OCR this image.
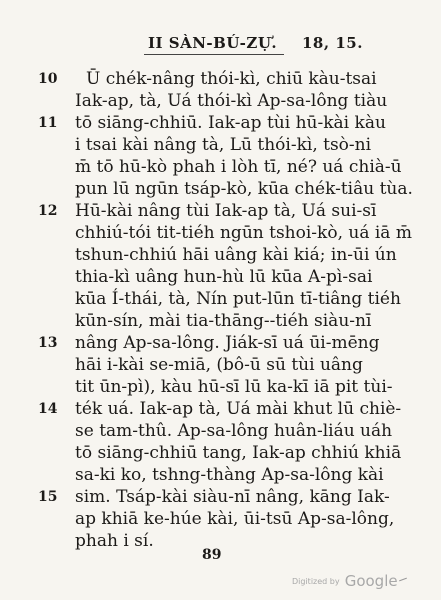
II SÀN-BÚ-ZỰ. 18, 15.
10 Ū chék-nâng thói-kì, chiū kàu-tsai
Iak-ap, tà, Uá thói-kì Ap-sa-lông tiàu
11 tō siāng-chhiū. Iak-ap tùi hū-kài kàu
i tsai kài nâng tà, Lū thói-kì, tsò-ni
m̄ tō hū-kò phah i lòh tī, né? uá chià-ū
pun lū ngūn tsáp-kò, kūa chék-tiâu tùa.
12 Hū-kài nâng tùi Iak-ap tà, Uá sui-sī
chhiú-tói tit-tiéh ngūn tshoi-kò, uá iā m̄
tshun-chhiú hāi uâng kài kiá; in-ūi ún
thia-kì uâng hun-hù lū kūa A-pì-sai
kūa Í-thái, tà, Nín put-lūn tī-tiâng tiéh
kūn-sín, mài tia-thāng--tiéh siàu-nī
13 nâng Ap-sa-lông. Jiák-sī uá ūi-mēng
hāi i-kài se-miā, (bô-ū sū tùi uâng
tit ūn-pì), kàu hū-sī lū ka-kī iā pit tùi-
14 ték uá. Iak-ap tà, Uá mài khut lū chiè-
se tam-thû. Ap-sa-lông huân-liáu uáh
tō siāng-chhiū tang, Iak-ap chhiú khiā
sa-ki ko, tshng-thàng Ap-sa-lông kài
15 sim. Tsáp-kài siàu-nī nâng, kāng Iak-
ap khiā ke-húe kài, ūi-tsū Ap-sa-lông,
phah i sí.
89
Digitized by Google
